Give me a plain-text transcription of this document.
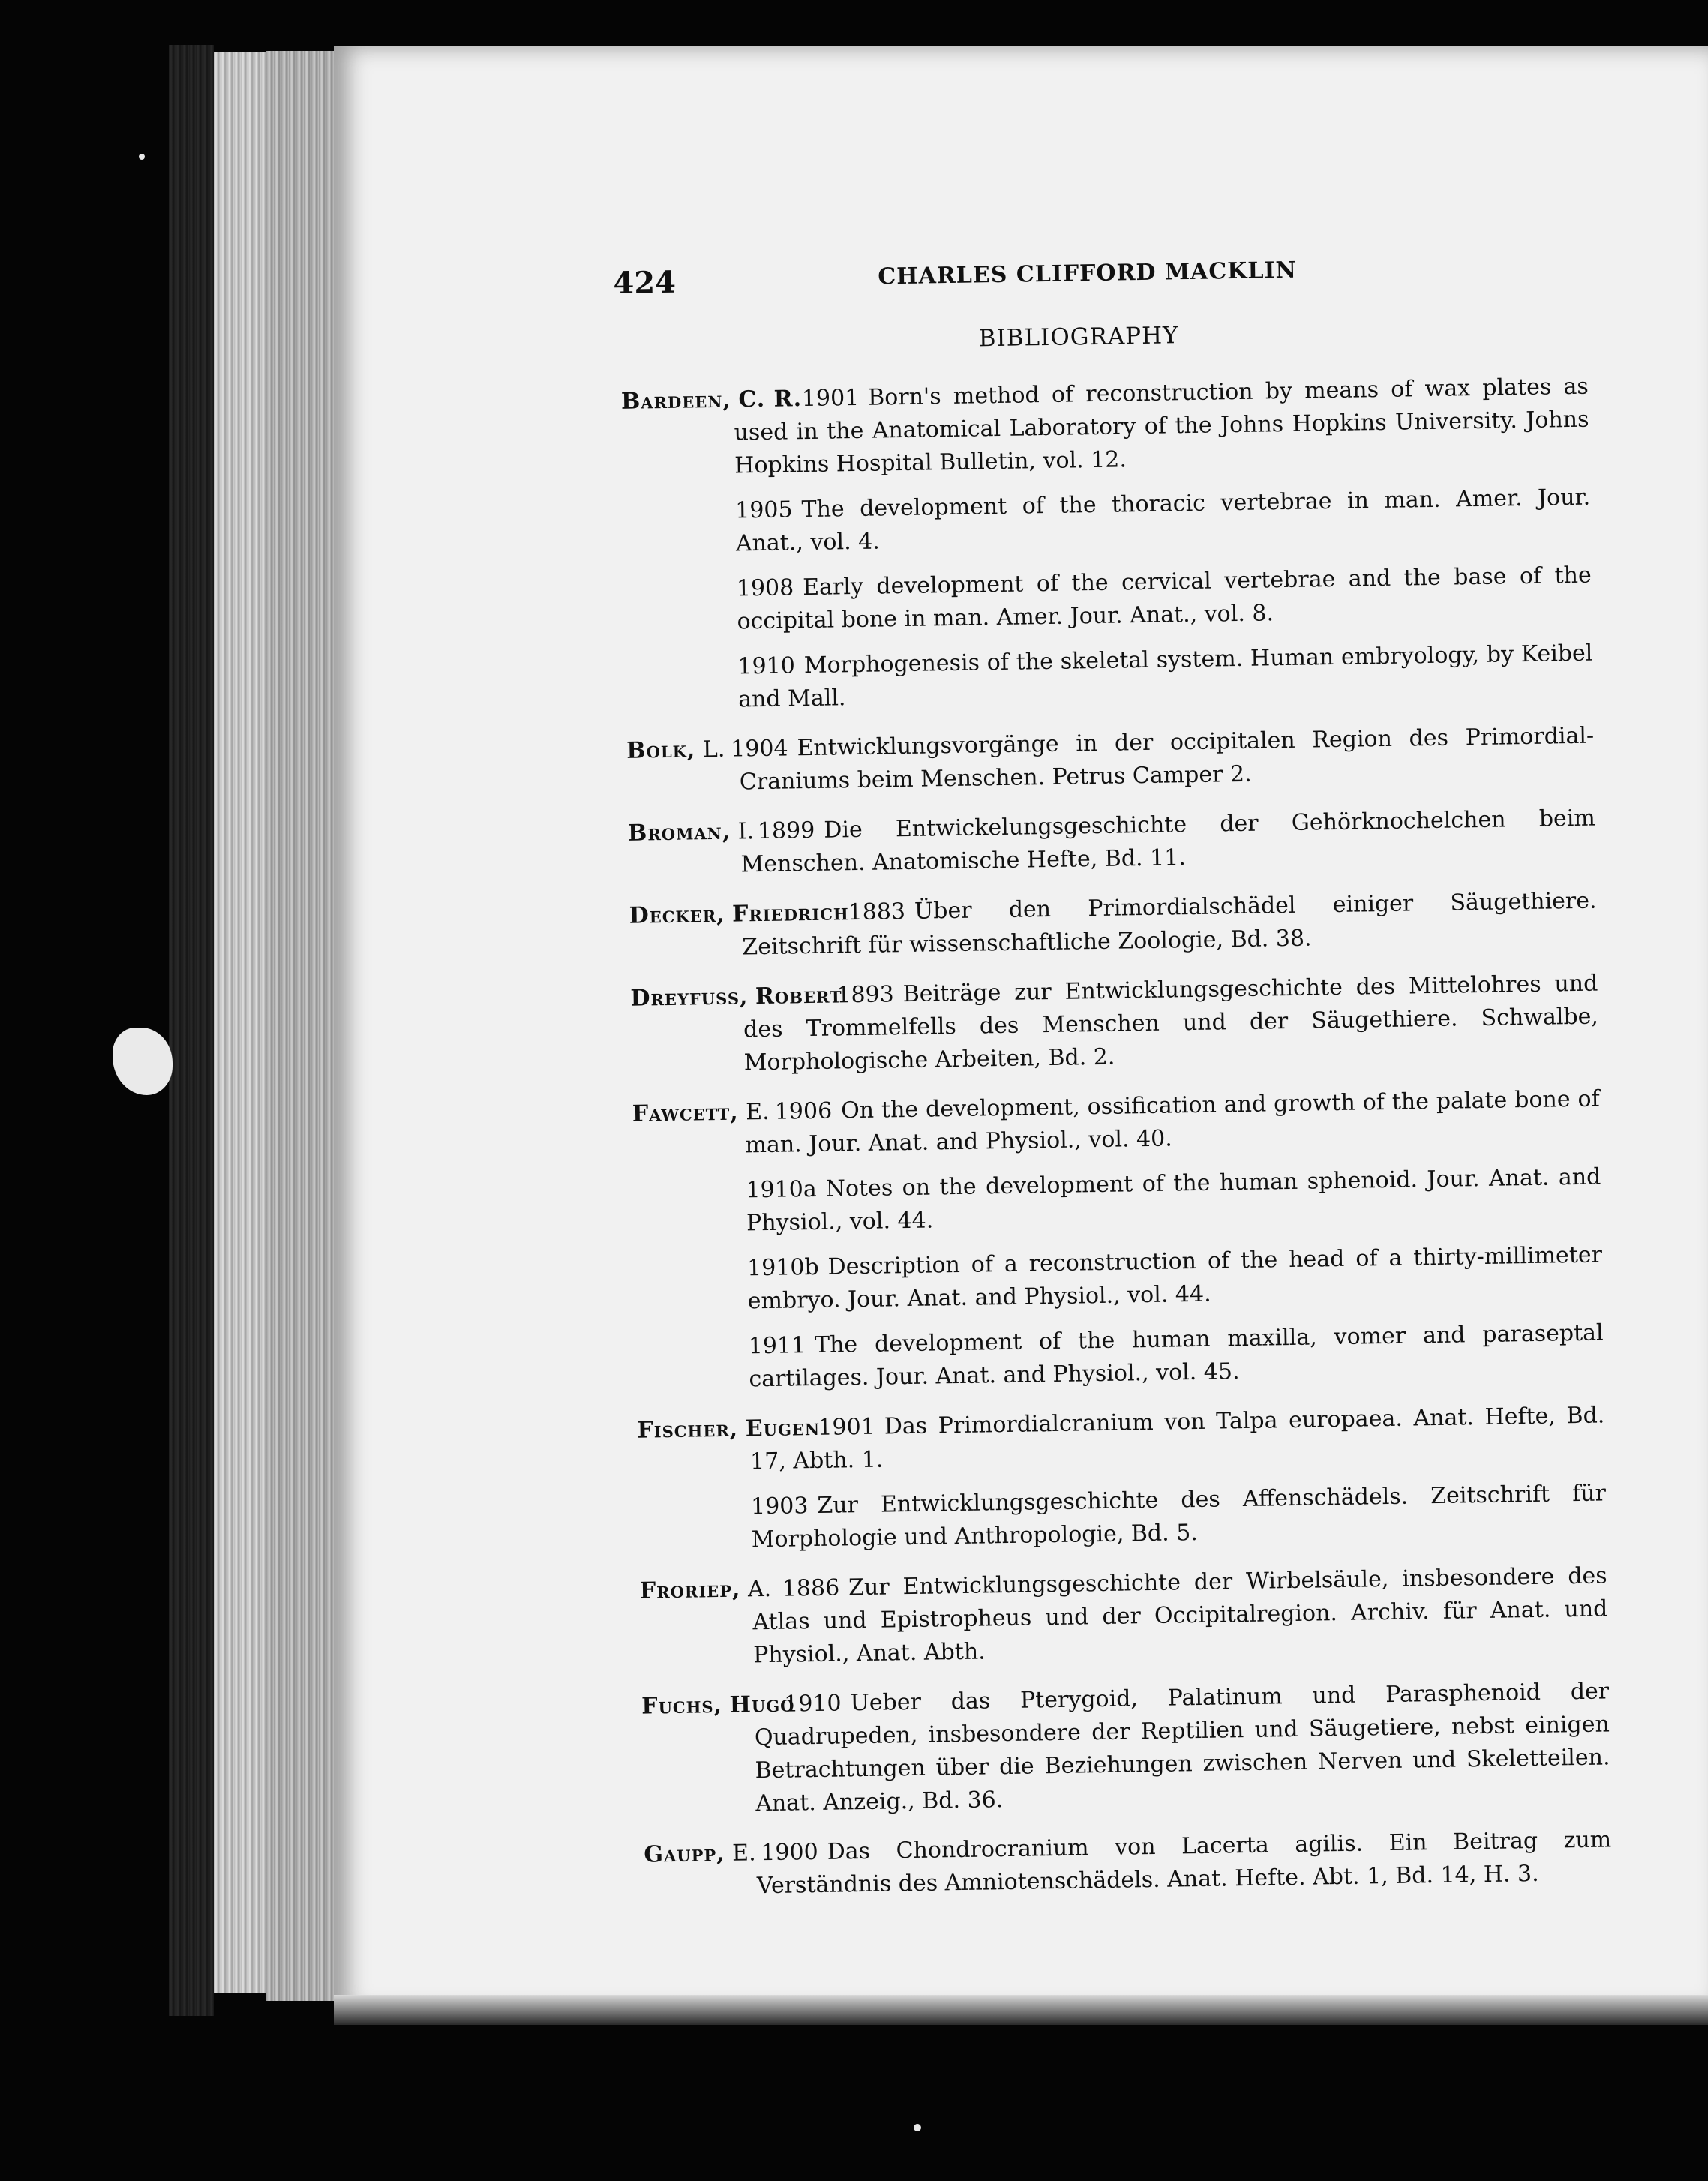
424	CHARLES CLIFFORD MACKLIN
BIBLIOGRAPHY
Bardeen, C. R. 1901 Born's method of reconstruction by means of wax plates as used in the Anatomical Laboratory of the Johns Hopkins University. Johns Hopkins Hospital Bulletin, vol. 12.
1905 The development of the thoracic vertebrae in man. Amer. Jour. Anat., vol. 4.
1908 Early development of the cervical vertebrae and the base of the occipital bone in man. Amer. Jour. Anat., vol. 8.
1910 Morphogenesis of the skeletal system. Human embryology, by Keibel and Mall.
Bolk, L. 1904 Entwicklungsvorgänge in der occipitalen Region des Primordial-Craniums beim Menschen. Petrus Camper 2.
Broman, I. 1899 Die Entwickelungsgeschichte der Gehörknochelchen beim Menschen. Anatomische Hefte, Bd. 11.
Decker, Friedrich
1883 Über den Primordialschädel einiger Säugethiere. Zeitschrift für wissenschaftliche Zoologie, Bd. 38.
Dreyfuss, Robert
1893 Beiträge zur Entwicklungsgeschichte des Mittelohres und des Trommelfells des Menschen und der Säugethiere. Schwalbe, Morphologische Arbeiten, Bd. 2.
Fawcett, E. 1906 On the development, ossification and growth of the palate bone of man. Jour. Anat. and Physiol., vol. 40.
1910a Notes on the development of the human sphenoid. Jour. Anat. and Physiol., vol. 44.
1910b Description of a reconstruction of the head of a thirty-millimeter embryo. Jour. Anat. and Physiol., vol. 44.
1911 The development of the human maxilla, vomer and paraseptal cartilages. Jour. Anat. and Physiol., vol. 45.
Fischer, Eugen
1901 Das Primordialcranium von Talpa europaea. Anat. Hefte, Bd. 17, Abth. 1.
1903 Zur Entwicklungsgeschichte des Affenschädels. Zeitschrift für Morphologie und Anthropologie, Bd. 5.
Froriep, A. 1886 Zur Entwicklungsgeschichte der Wirbelsäule, insbesondere des Atlas und Epistropheus und der Occipitalregion. Archiv. für Anat. und Physiol., Anat. Abth.
Fuchs, Hugo
1910 Ueber das Pterygoid, Palatinum und Parasphenoid der Quadrupeden, insbesondere der Reptilien und Säugetiere, nebst einigen Betrachtungen über die Beziehungen zwischen Nerven und Skeletteilen. Anat. Anzeig., Bd. 36.
Gaupp, E. 1900 Das Chondrocranium von Lacerta agilis. Ein Beitrag zum Verständnis des Amniotenschädels. Anat. Hefte. Abt. 1, Bd. 14, H. 3.
